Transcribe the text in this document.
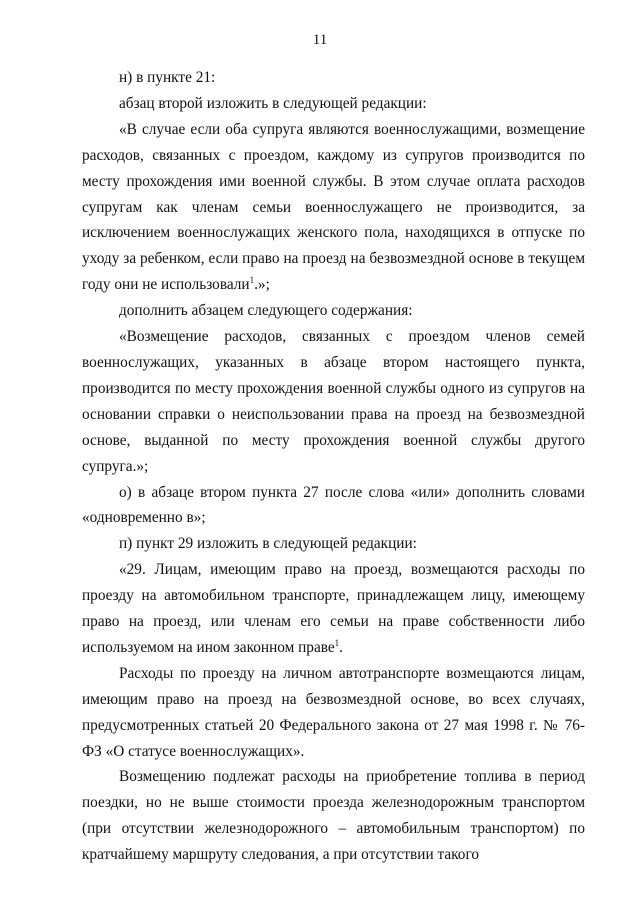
11

н) в пункте 21:

абзац второй изложить в следующей редакции:

«В случае если оба супруга являются военнослужащими, возмещение расходов, связанных с проездом, каждому из супругов производится по месту прохождения ими военной службы. В этом случае оплата расходов супругам как членам семьи военнослужащего не производится, за исключением военнослужащих женского пола, находящихся в отпуске по уходу за ребенком, если право на проезд на безвозмездной основе в текущем году они не использовали$^1$.»;

дополнить абзацем следующего содержания:

«Возмещение расходов, связанных с проездом членов семей военнослужащих, указанных в абзаце втором настоящего пункта, производится по месту прохождения военной службы одного из супругов на основании справки о неиспользовании права на проезд на безвозмездной основе, выданной по месту прохождения военной службы другого супруга.»;

о) в абзаце втором пункта 27 после слова «или» дополнить словами «одновременно в»;

п) пункт 29 изложить в следующей редакции:

«29. Лицам, имеющим право на проезд, возмещаются расходы по проезду на автомобильном транспорте, принадлежащем лицу, имеющему право на проезд, или членам его семьи на праве собственности либо используемом на ином законном праве$^1$.

Расходы по проезду на личном автотранспорте возмещаются лицам, имеющим право на проезд на безвозмездной основе, во всех случаях, предусмотренных статьей 20 Федерального закона от 27 мая 1998 г. № 76-ФЗ «О статусе военнослужащих».

Возмещению подлежат расходы на приобретение топлива в период поездки, но не выше стоимости проезда железнодорожным транспортом (при отсутствии железнодорожного – автомобильным транспортом) по кратчайшему маршруту следования, а при отсутствии такого
